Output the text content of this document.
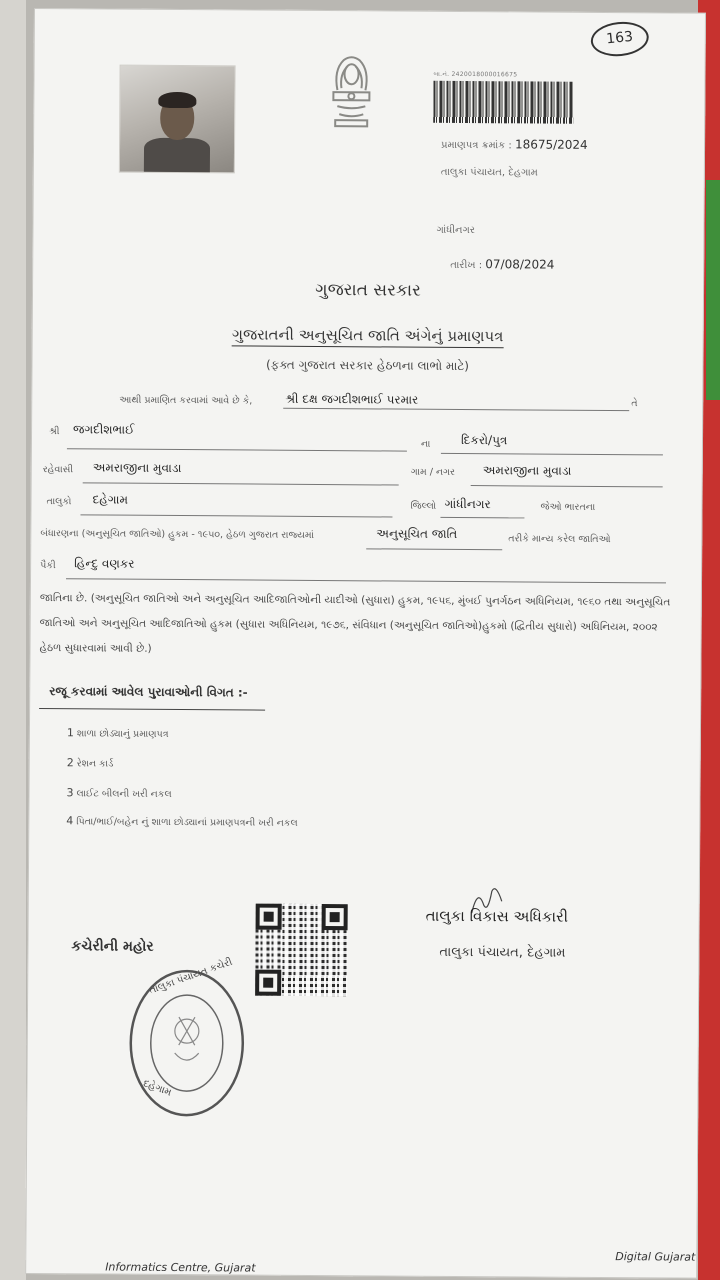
163
બા.નં. 2420018000016675
પ્રમાણપત્ર ક્રમાંક : 18675/2024
તાલુકા પંચાયત, દેહગામ
ગાંધીનગર
તારીખ : 07/08/2024
ગુજરાત સરકાર
ગુજરાતની અનુસૂચિત જાતિ અંગેનું પ્રમાણપત્ર
(ફક્ત ગુજરાત સરકાર હેઠળના લાભો માટે)
આથી પ્રમાણિત કરવામાં આવે છે કે,	શ્રી દક્ષ જગદીશભાઈ પરમાર	તે
શ્રી જગદીશભાઈ
ના	દિકરો/પુત્ર
રહેવાસી અમરાજીના મુવાડા	ગામ / નગર અમરાજીના મુવાડા
તાલુકો દહેગામ	જિલ્લો ગાંધીનગર	જેઓ ભારતના
બંધારણના (અનુસૂચિત જાતિઓ) હુકમ - ૧૯૫૦, હેઠળ ગુજરાત રાજ્યમાં	અનુસૂચિત જાતિ	તરીકે માન્ય કરેલ જાતિઓ
પૈકી હિન્દુ વણકર
જાતિના છે. (અનુસૂચિત જાતિઓ અને અનુસૂચિત આદિજાતિઓની યાદીઓ (સુધારા) હુકમ, ૧૯૫૬, મુંબઈ પુનર્ગઠન અધિનિયમ, ૧૯૬૦ તથા અનુસૂચિત જાતિઓ અને અનુસૂચિત આદિજાતિઓ હુકમ (સુધારા અધિનિયમ, ૧૯૭૬, સંવિધાન (અનુસૂચિત જાતિઓ)હુકમો (દ્વિતીય સુધારો) અધિનિયમ, ૨૦૦૨ હેઠળ સુધારવામાં આવી છે.)
રજૂ કરવામાં આવેલ પુરાવાઓની વિગત :-
1 શાળા છોડ્યાનું પ્રમાણપત્ર
2 રેશન કાર્ડ
3 લાઈટ બીલની ખરી નકલ
4 પિતા/ભાઈ/બહેન નું શાળા છોડ્યાનાં પ્રમાણપત્રની ખરી નકલ
તાલુકા વિકાસ અધિકારી
તાલુકા પંચાયત, દેહગામ
કચેરીની મહોર
તાલુકા પંચાયત કચેરી
દહેગામ
Informatics Centre, Gujarat
Digital Gujarat
